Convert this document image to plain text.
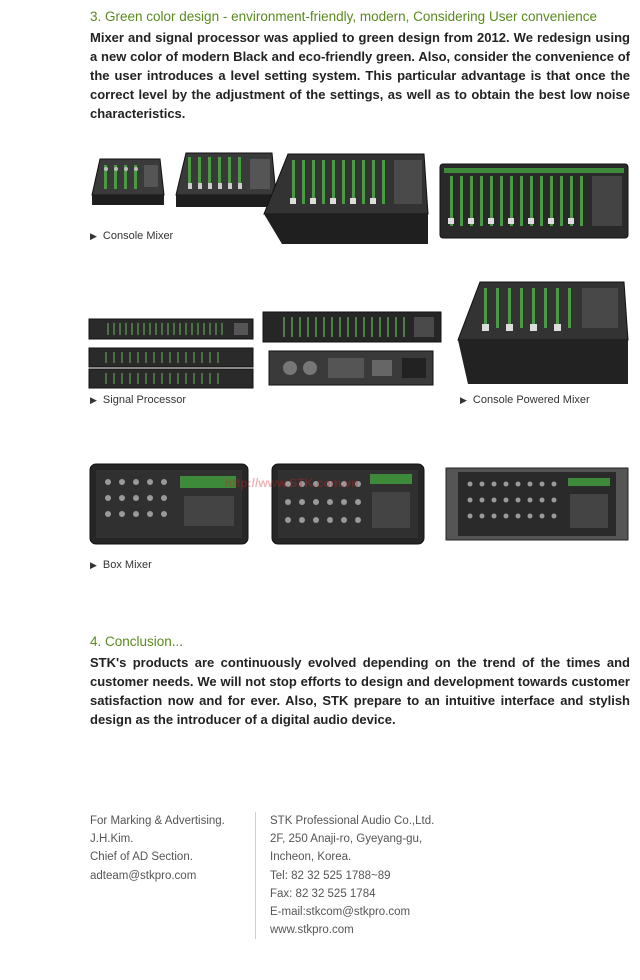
3. Green color design - environment-friendly, modern, Considering User convenience
Mixer and signal processor was applied to green design from 2012. We redesign using a new color of modern Black and eco-friendly green. Also, consider the convenience of the user introduces a level setting system. This particular advantage is that once the correct level by the adjustment of the settings, as well as to obtain the best low noise characteristics.
▶ Console Mixer
▶ Signal Processor	▶ Console Powered Mixer
http://www.STK.com.vn
▶ Box Mixer
4. Conclusion...
STK's products are continuously evolved depending on the trend of the times and customer needs. We will not stop efforts to design and development towards customer satisfaction now and for ever. Also, STK prepare to an intuitive interface and stylish design as the introducer of a digital audio device.
For Marking & Advertising.
J.H.Kim.
Chief of AD Section.
adteam@stkpro.com
STK Professional Audio Co.,Ltd.
2F, 250 Anaji-ro, Gyeyang-gu,
Incheon, Korea.
Tel: 82 32 525 1788~89
Fax: 82 32 525 1784
E-mail:stkcom@stkpro.com
www.stkpro.com
